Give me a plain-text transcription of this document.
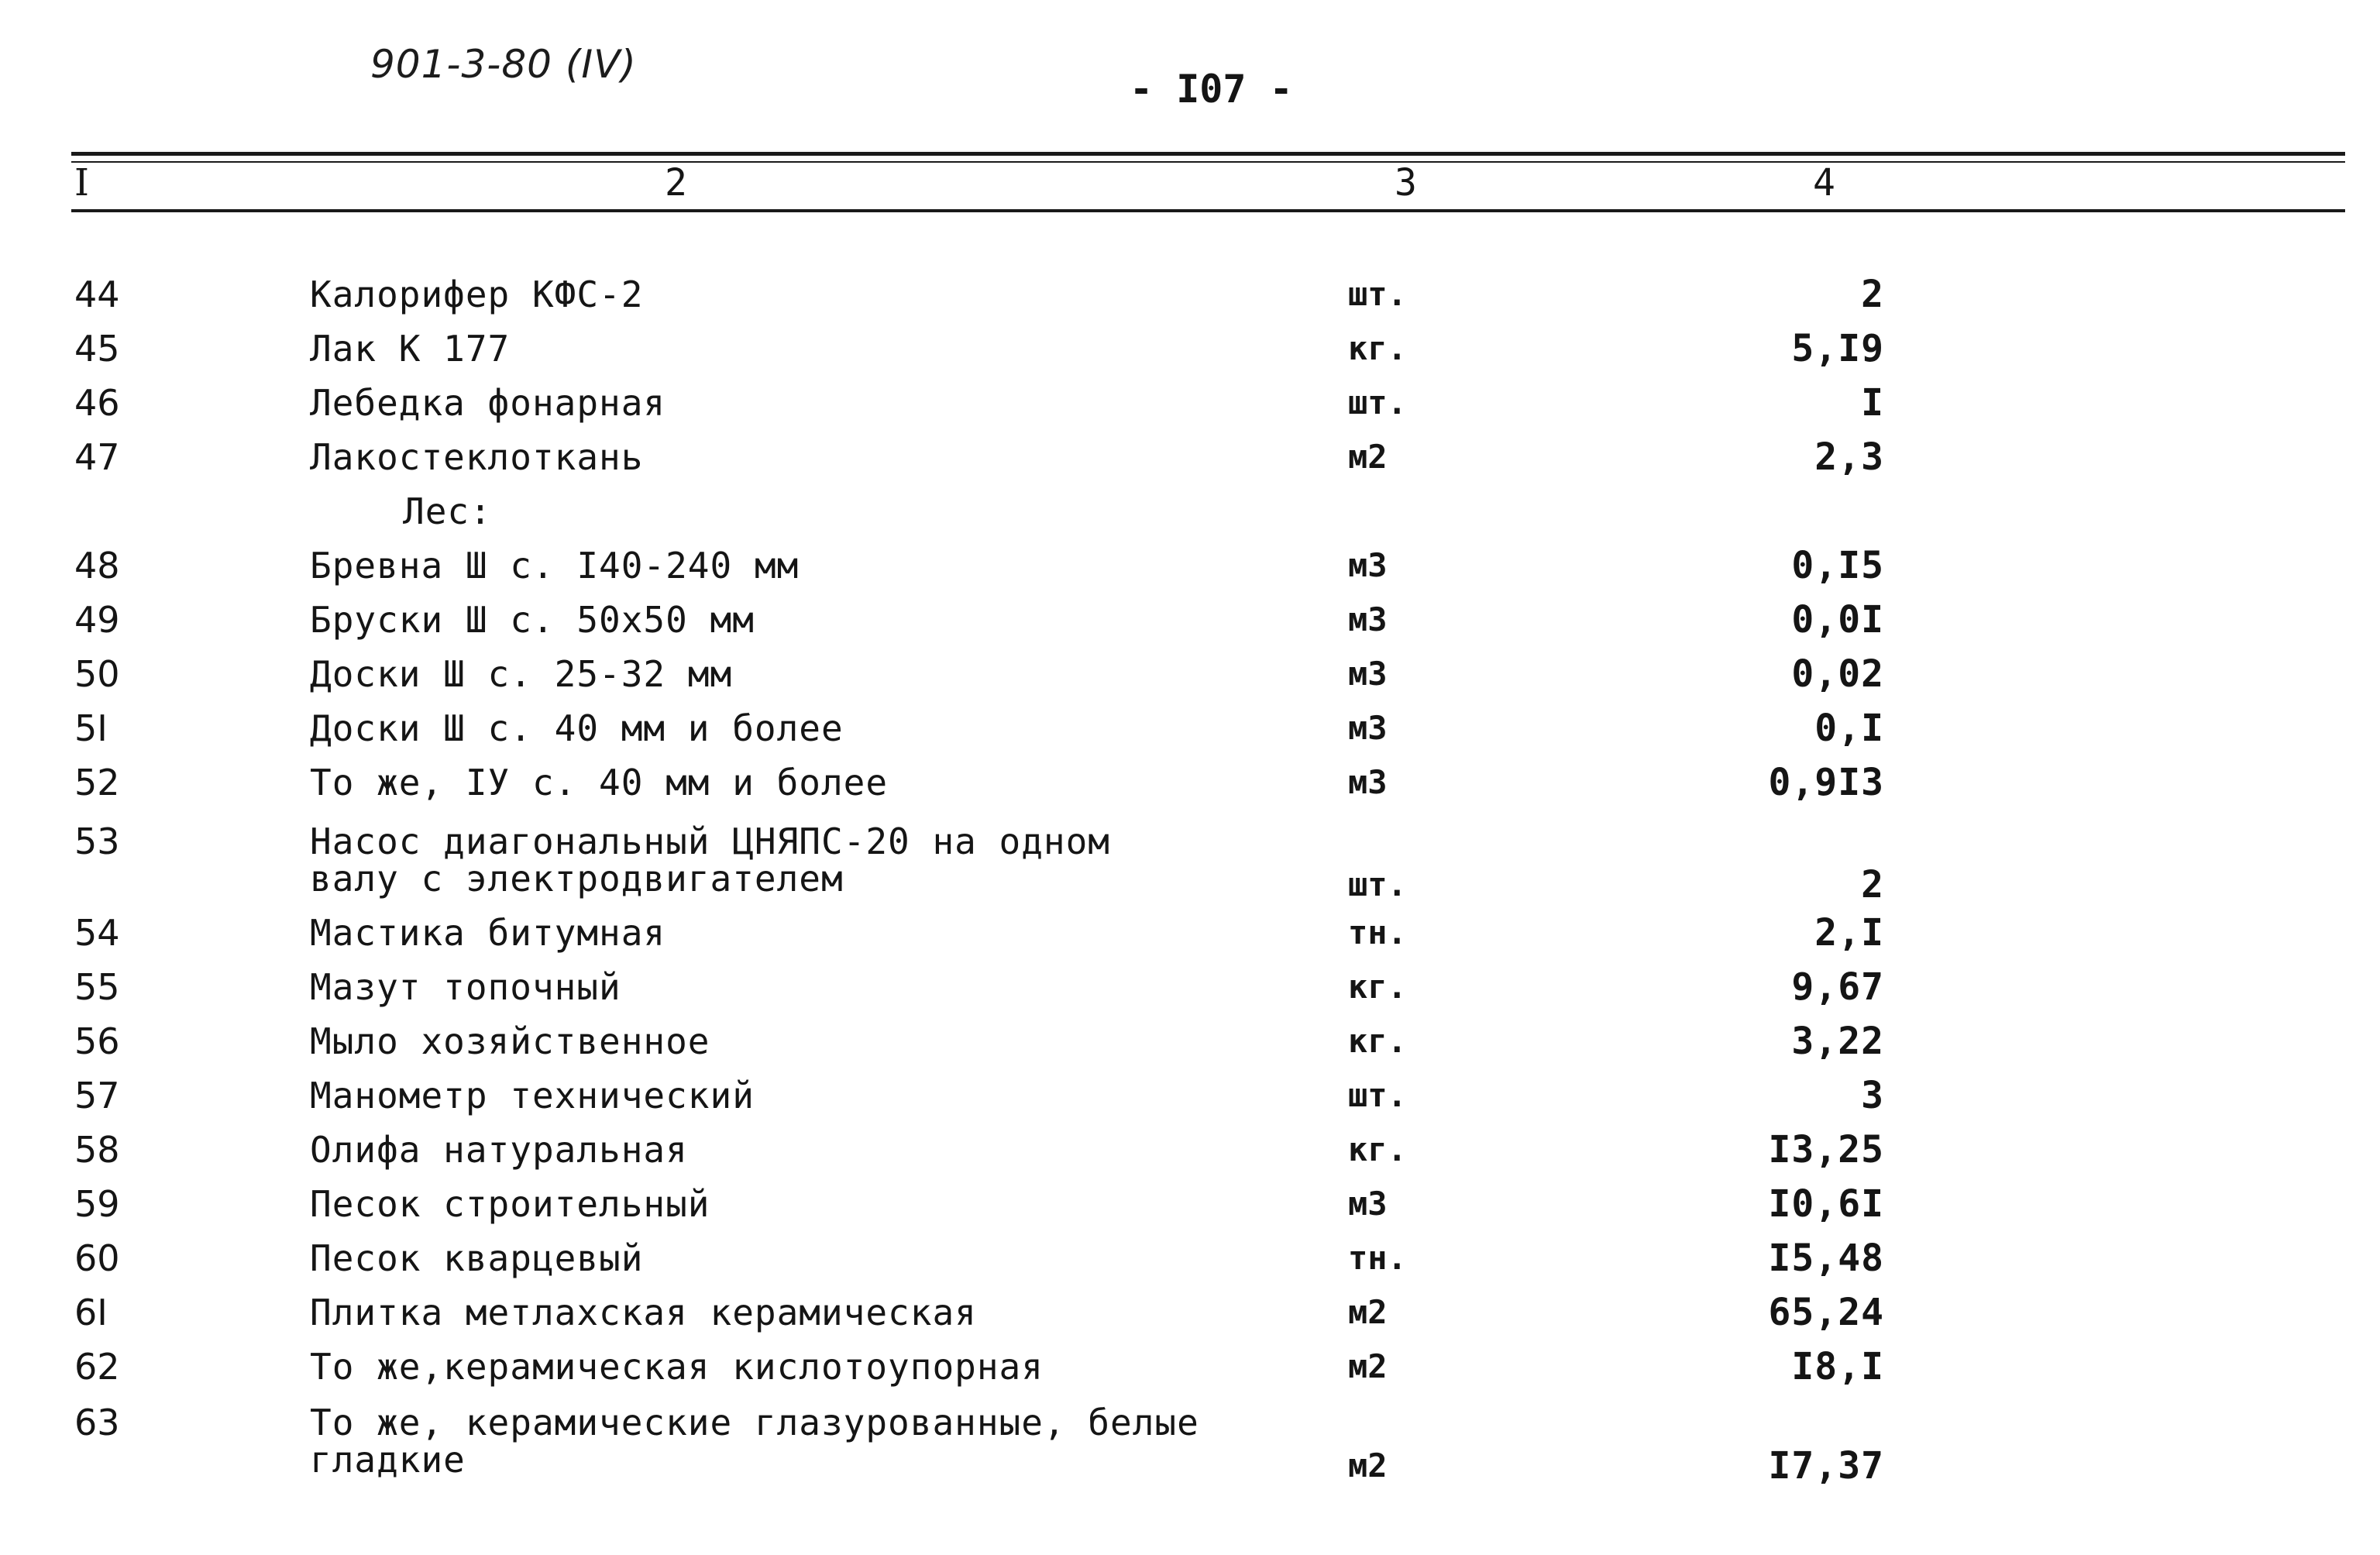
901-3-80 (IV)
- I07 -
I	2	3	4
44	Калорифер КФС-2	шт.	2
45	Лак К 177	кг.	5,I9
46	Лебедка фонарная	шт.	I
47	Лакостеклоткань	м2	2,3
Лес:
48	Бревна Ш с. I40-240 мм	м3	0,I5
49	Бруски Ш с. 50х50 мм	м3	0,0I
50	Доски Ш с. 25-32 мм	м3	0,02
5I	Доски Ш с. 40 мм и более	м3	0,I
52	То же, IУ с. 40 мм и более	м3	0,9I3
53	Насос диагональный ЦНЯПС-20 на одном
валу с электродвигателем	шт.	2
54	Мастика битумная	тн.	2,I
55	Мазут топочный	кг.	9,67
56	Мыло хозяйственное	кг.	3,22
57	Манометр технический	шт.	3
58	Олифа натуральная	кг.	I3,25
59	Песок строительный	м3	I0,6I
60	Песок кварцевый	тн.	I5,48
6I	Плитка метлахская керамическая	м2	65,24
62	То же,керамическая кислотоупорная	м2	I8,I
63	То же, керамические глазурованные, белые
гладкие	м2	I7,37
